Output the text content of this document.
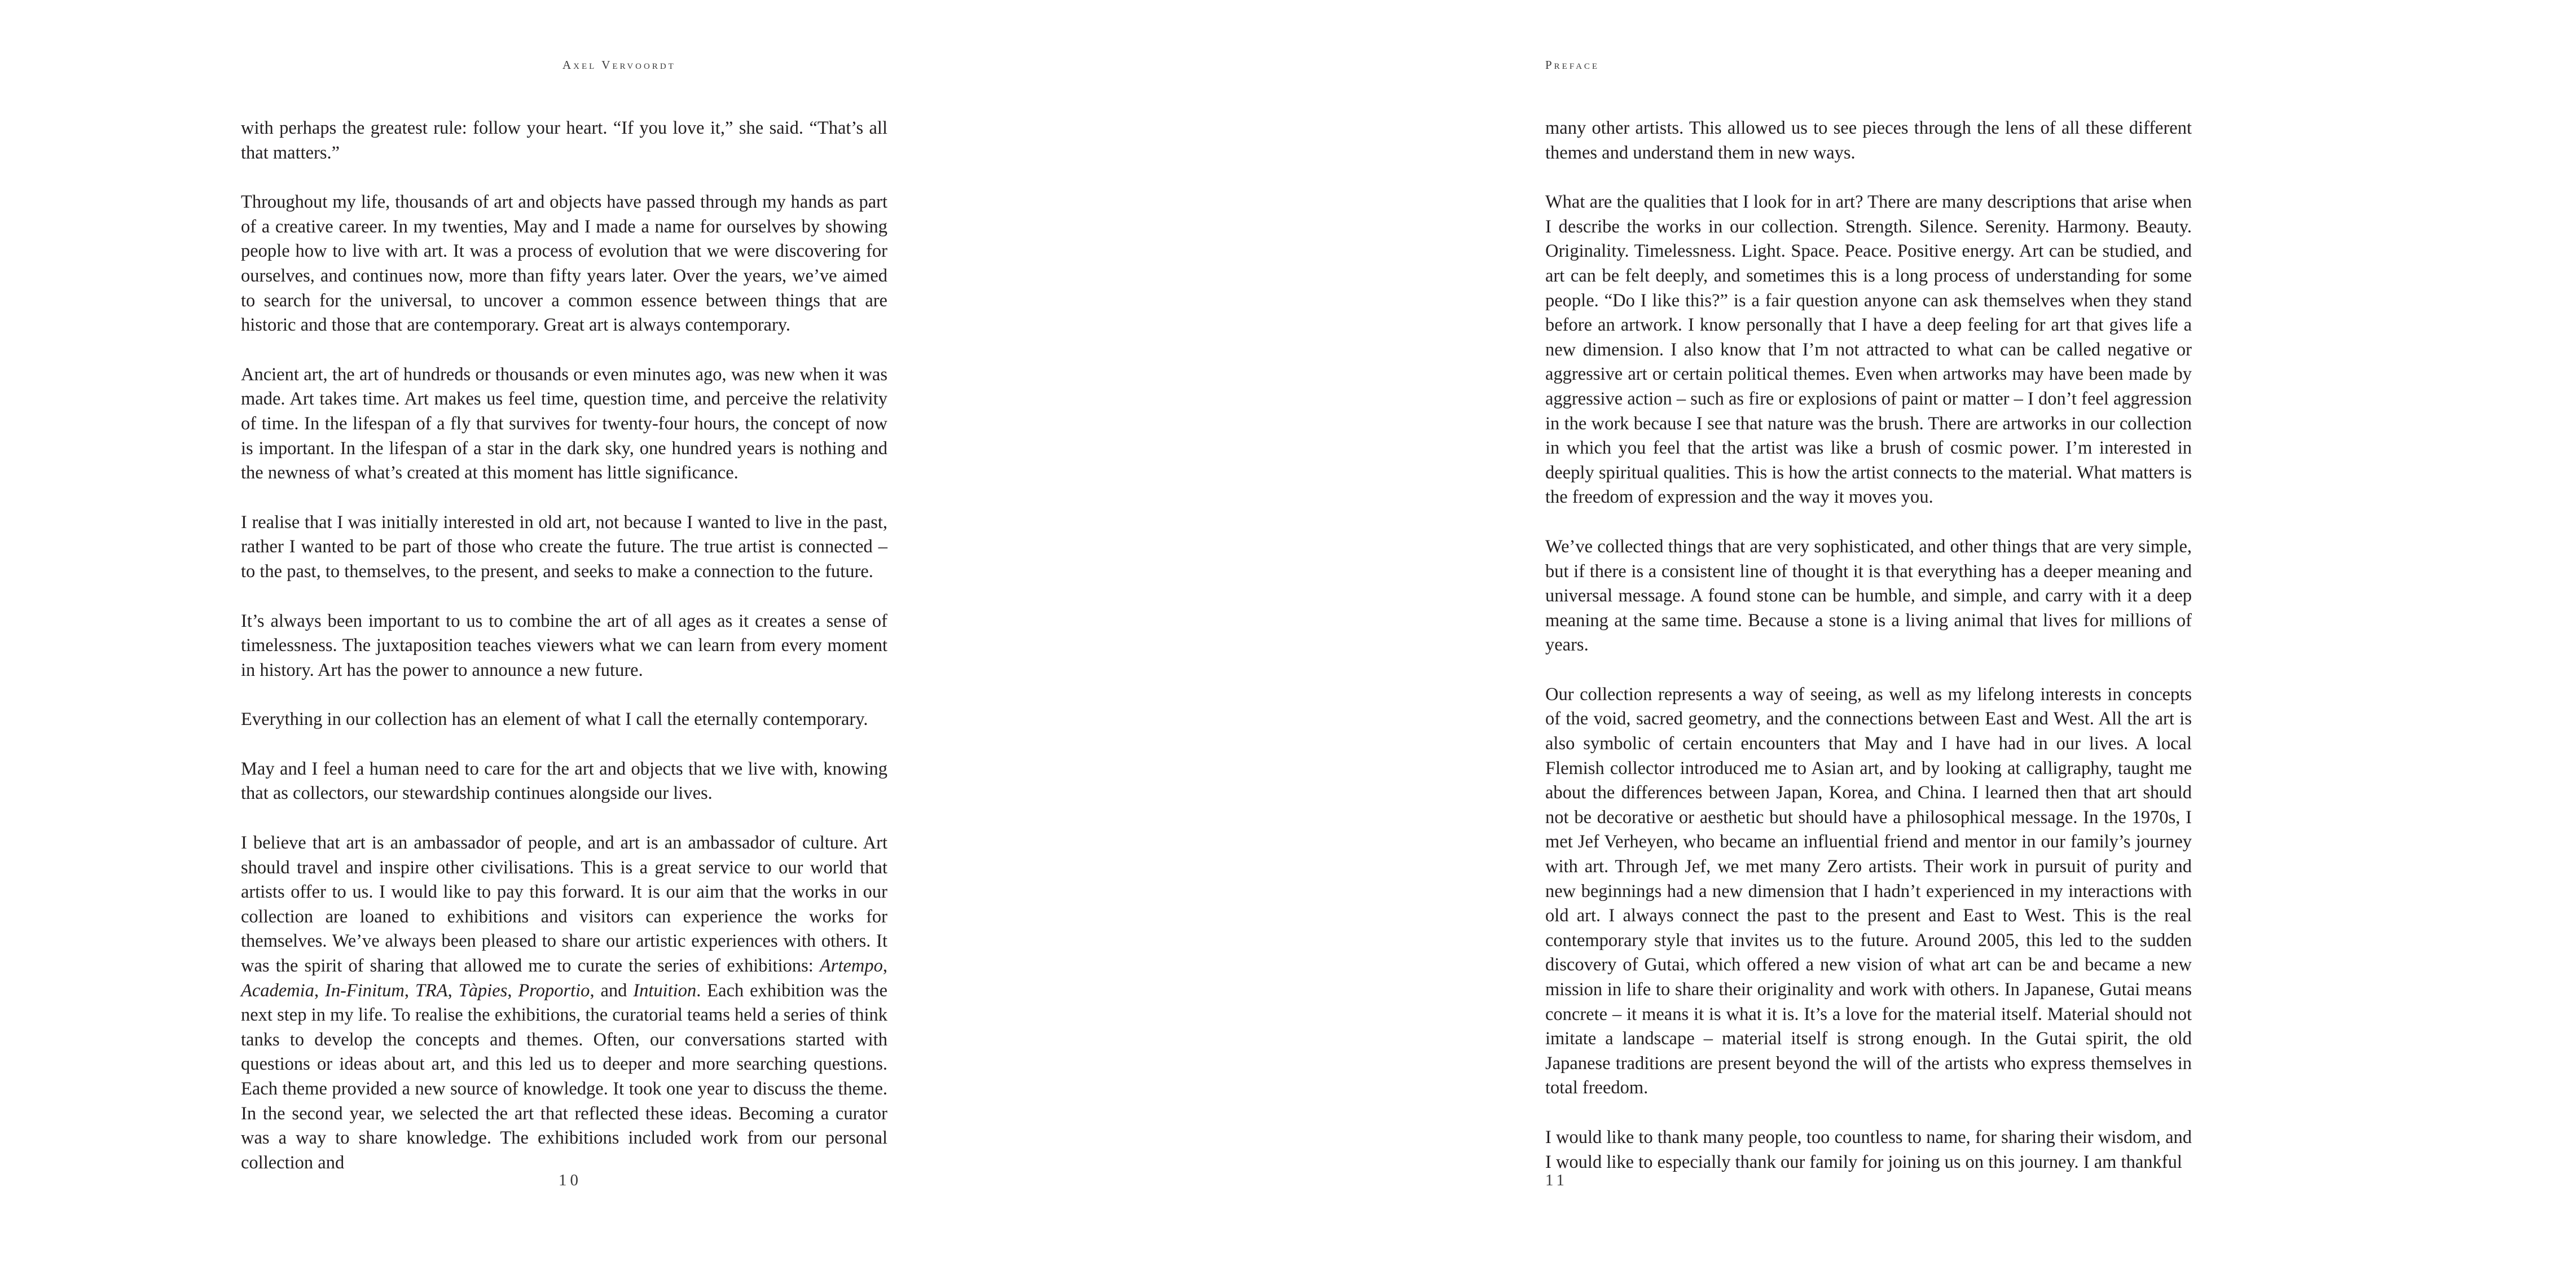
Axel Vervoordt

with perhaps the greatest rule: follow your heart. “If you love it,” she said. “That’s all that matters.”

Throughout my life, thousands of art and objects have passed through my hands as part of a creative career. In my twenties, May and I made a name for ourselves by showing people how to live with art. It was a process of evolution that we were discovering for ourselves, and continues now, more than fifty years later. Over the years, we’ve aimed to search for the universal, to uncover a common essence between things that are historic and those that are contemporary. Great art is always contemporary.

Ancient art, the art of hundreds or thousands or even minutes ago, was new when it was made. Art takes time. Art makes us feel time, question time, and perceive the relativity of time. In the lifespan of a fly that survives for twenty-four hours, the concept of now is important. In the lifespan of a star in the dark sky, one hundred years is nothing and the newness of what’s created at this moment has little significance.

I realise that I was initially interested in old art, not because I wanted to live in the past, rather I wanted to be part of those who create the future. The true artist is connected – to the past, to themselves, to the present, and seeks to make a connection to the future.

It’s always been important to us to combine the art of all ages as it creates a sense of timelessness. The juxtaposition teaches viewers what we can learn from every moment in history. Art has the power to announce a new future.

Everything in our collection has an element of what I call the eternally contemporary.

May and I feel a human need to care for the art and objects that we live with, knowing that as collectors, our stewardship continues alongside our lives.

I believe that art is an ambassador of people, and art is an ambassador of culture. Art should travel and inspire other civilisations. This is a great service to our world that artists offer to us. I would like to pay this forward. It is our aim that the works in our collection are loaned to exhibitions and visitors can experience the works for themselves. We’ve always been pleased to share our artistic experiences with others. It was the spirit of sharing that allowed me to curate the series of exhibitions: Artempo, Academia, In-Finitum, TRA, Tàpies, Proportio, and Intuition. Each exhibition was the next step in my life. To realise the exhibitions, the curatorial teams held a series of think tanks to develop the concepts and themes. Often, our conversations started with questions or ideas about art, and this led us to deeper and more searching questions. Each theme provided a new source of knowledge. It took one year to discuss the theme. In the second year, we selected the art that reflected these ideas. Becoming a curator was a way to share knowledge. The exhibitions included work from our personal collection and

10

Preface

many other artists. This allowed us to see pieces through the lens of all these different themes and understand them in new ways.

What are the qualities that I look for in art? There are many descriptions that arise when I describe the works in our collection. Strength. Silence. Serenity. Harmony. Beauty. Originality. Timelessness. Light. Space. Peace. Positive energy. Art can be studied, and art can be felt deeply, and sometimes this is a long process of understanding for some people. “Do I like this?” is a fair question anyone can ask themselves when they stand before an artwork. I know personally that I have a deep feeling for art that gives life a new dimension. I also know that I’m not attracted to what can be called negative or aggressive art or certain political themes. Even when artworks may have been made by aggressive action – such as fire or explosions of paint or matter – I don’t feel aggression in the work because I see that nature was the brush. There are artworks in our collection in which you feel that the artist was like a brush of cosmic power. I’m interested in deeply spiritual qualities. This is how the artist connects to the material. What matters is the freedom of expression and the way it moves you.

We’ve collected things that are very sophisticated, and other things that are very simple, but if there is a consistent line of thought it is that everything has a deeper meaning and universal message. A found stone can be humble, and simple, and carry with it a deep meaning at the same time. Because a stone is a living animal that lives for millions of years.

Our collection represents a way of seeing, as well as my lifelong interests in concepts of the void, sacred geometry, and the connections between East and West. All the art is also symbolic of certain encounters that May and I have had in our lives. A local Flemish collector introduced me to Asian art, and by looking at calligraphy, taught me about the differences between Japan, Korea, and China. I learned then that art should not be decorative or aesthetic but should have a philosophical message. In the 1970s, I met Jef Verheyen, who became an influential friend and mentor in our family’s journey with art. Through Jef, we met many Zero artists. Their work in pursuit of purity and new beginnings had a new dimension that I hadn’t experienced in my interactions with old art. I always connect the past to the present and East to West. This is the real contemporary style that invites us to the future. Around 2005, this led to the sudden discovery of Gutai, which offered a new vision of what art can be and became a new mission in life to share their originality and work with others. In Japanese, Gutai means concrete – it means it is what it is. It’s a love for the material itself. Material should not imitate a landscape – material itself is strong enough. In the Gutai spirit, the old Japanese traditions are present beyond the will of the artists who express themselves in total freedom.

I would like to thank many people, too countless to name, for sharing their wisdom, and I would like to especially thank our family for joining us on this journey. I am thankful

11
